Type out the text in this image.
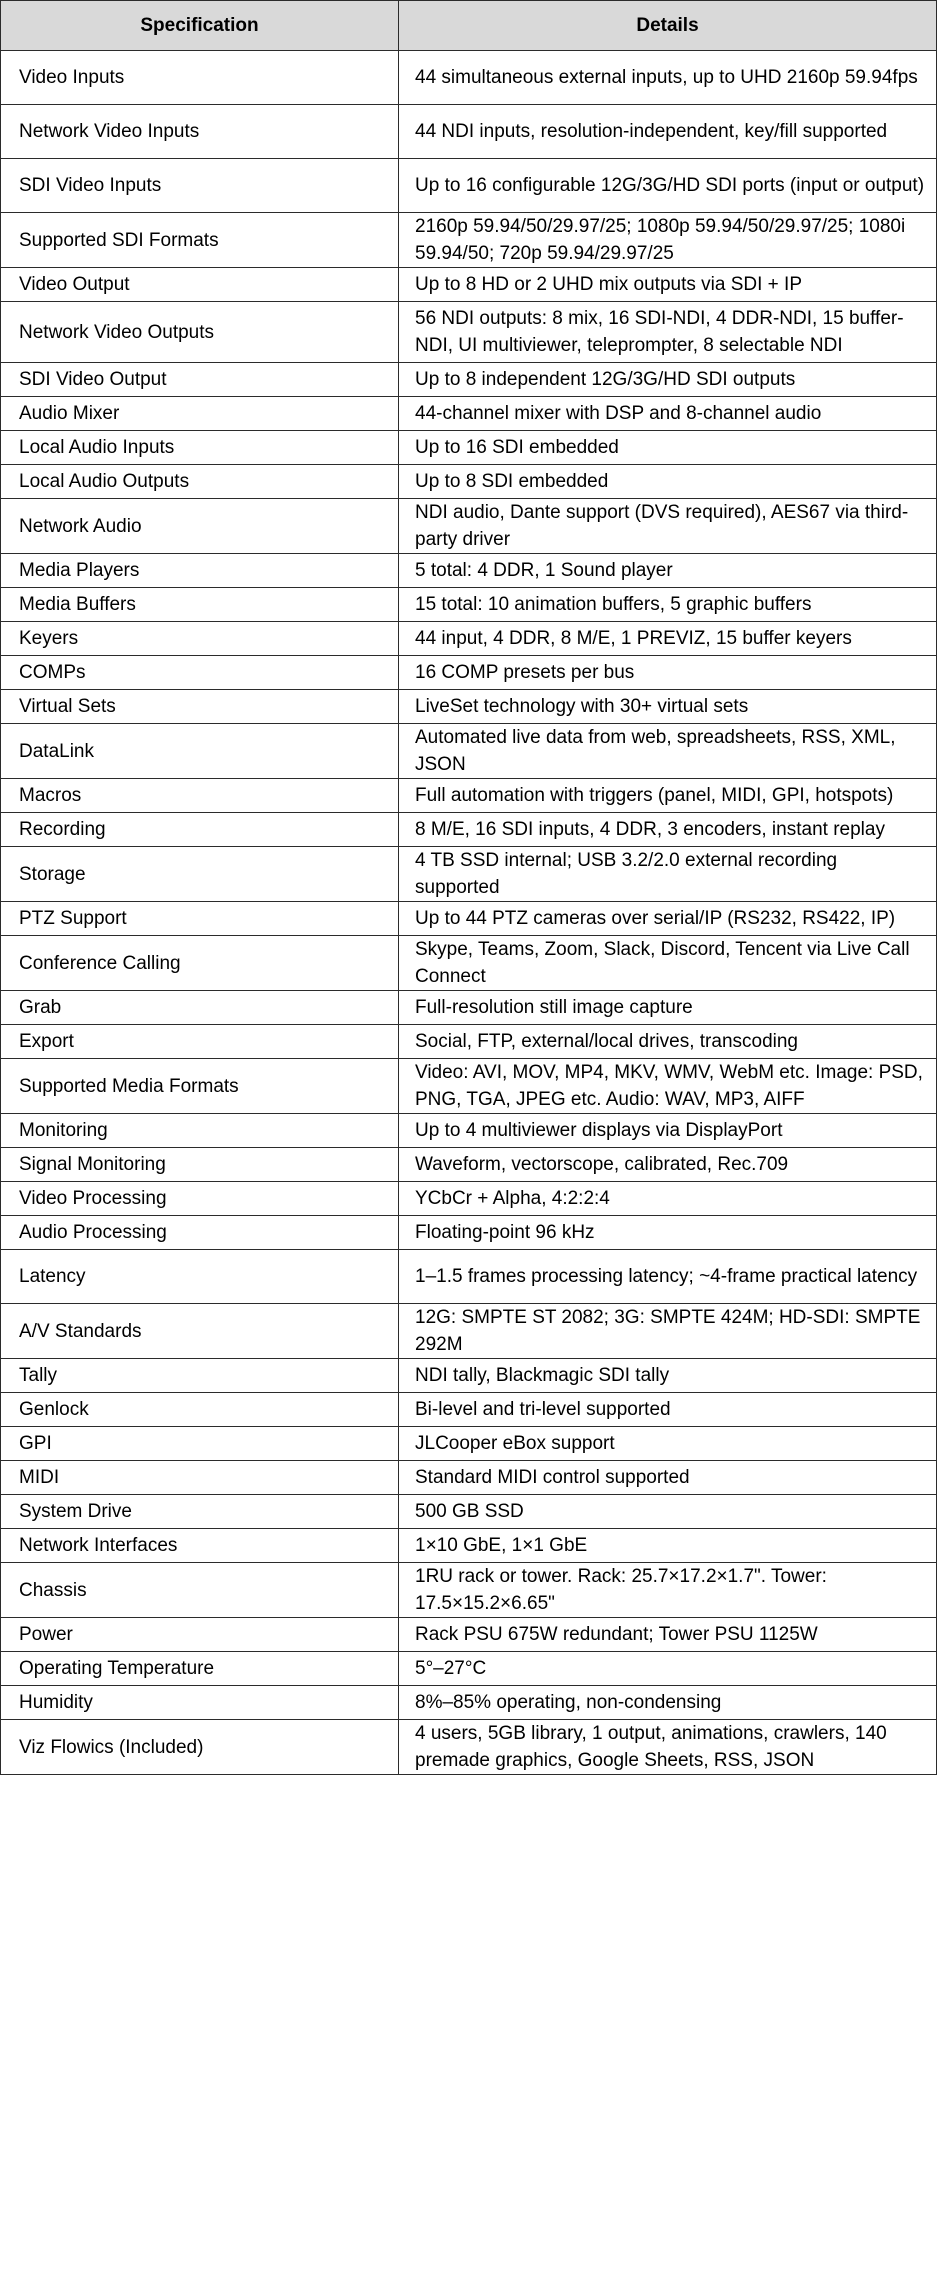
Specification	Details
Video Inputs	44 simultaneous external inputs, up to UHD 2160p 59.94fps
Network Video Inputs	44 NDI inputs, resolution-independent, key/fill supported
SDI Video Inputs	Up to 16 configurable 12G/3G/HD SDI ports (input or output)
Supported SDI Formats	2160p 59.94/50/29.97/25; 1080p 59.94/50/29.97/25; 1080i 59.94/50; 720p 59.94/29.97/25
Video Output	Up to 8 HD or 2 UHD mix outputs via SDI + IP
Network Video Outputs	56 NDI outputs: 8 mix, 16 SDI-NDI, 4 DDR-NDI, 15 buffer-NDI, UI multiviewer, teleprompter, 8 selectable NDI
SDI Video Output	Up to 8 independent 12G/3G/HD SDI outputs
Audio Mixer	44-channel mixer with DSP and 8-channel audio
Local Audio Inputs	Up to 16 SDI embedded
Local Audio Outputs	Up to 8 SDI embedded
Network Audio	NDI audio, Dante support (DVS required), AES67 via third-party driver
Media Players	5 total: 4 DDR, 1 Sound player
Media Buffers	15 total: 10 animation buffers, 5 graphic buffers
Keyers	44 input, 4 DDR, 8 M/E, 1 PREVIZ, 15 buffer keyers
COMPs	16 COMP presets per bus
Virtual Sets	LiveSet technology with 30+ virtual sets
DataLink	Automated live data from web, spreadsheets, RSS, XML, JSON
Macros	Full automation with triggers (panel, MIDI, GPI, hotspots)
Recording	8 M/E, 16 SDI inputs, 4 DDR, 3 encoders, instant replay
Storage	4 TB SSD internal; USB 3.2/2.0 external recording supported
PTZ Support	Up to 44 PTZ cameras over serial/IP (RS232, RS422, IP)
Conference Calling	Skype, Teams, Zoom, Slack, Discord, Tencent via Live Call Connect
Grab	Full-resolution still image capture
Export	Social, FTP, external/local drives, transcoding
Supported Media Formats	Video: AVI, MOV, MP4, MKV, WMV, WebM etc. Image: PSD, PNG, TGA, JPEG etc. Audio: WAV, MP3, AIFF
Monitoring	Up to 4 multiviewer displays via DisplayPort
Signal Monitoring	Waveform, vectorscope, calibrated, Rec.709
Video Processing	YCbCr + Alpha, 4:2:2:4
Audio Processing	Floating-point 96 kHz
Latency	1–1.5 frames processing latency; ~4-frame practical latency
A/V Standards	12G: SMPTE ST 2082; 3G: SMPTE 424M; HD-SDI: SMPTE 292M
Tally	NDI tally, Blackmagic SDI tally
Genlock	Bi-level and tri-level supported
GPI	JLCooper eBox support
MIDI	Standard MIDI control supported
System Drive	500 GB SSD
Network Interfaces	1×10 GbE, 1×1 GbE
Chassis	1RU rack or tower. Rack: 25.7×17.2×1.7". Tower: 17.5×15.2×6.65"
Power	Rack PSU 675W redundant; Tower PSU 1125W
Operating Temperature	5°–27°C
Humidity	8%–85% operating, non-condensing
Viz Flowics (Included)	4 users, 5GB library, 1 output, animations, crawlers, 140 premade graphics, Google Sheets, RSS, JSON
